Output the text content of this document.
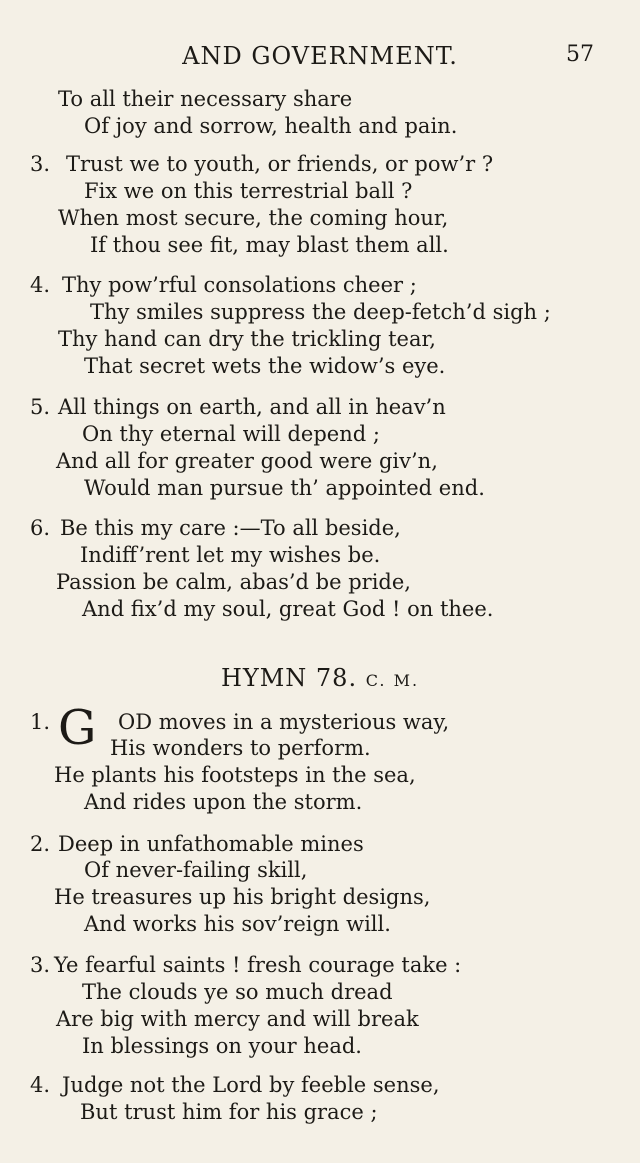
AND GOVERNMENT.	57
To all their necessary share
Of joy and sorrow, health and pain.
3. Trust we to youth, or friends, or pow’r ?
Fix we on this terrestrial ball ?
When most secure, the coming hour,
If thou see fit, may blast them all.
4. Thy pow’rful consolations cheer ;
Thy smiles suppress the deep-fetch’d sigh ;
Thy hand can dry the trickling tear,
That secret wets the widow’s eye.
5. All things on earth, and all in heav’n
On thy eternal will depend ;
And all for greater good were giv’n,
Would man pursue th’ appointed end.
6. Be this my care :—To all beside,
Indiff’rent let my wishes be.
Passion be calm, abas’d be pride,
And fix’d my soul, great God ! on thee.
HYMN 78. C. M.
1. G OD moves in a mysterious way,
His wonders to perform.
He plants his footsteps in the sea,
And rides upon the storm.
2. Deep in unfathomable mines
Of never-failing skill,
He treasures up his bright designs,
And works his sov’reign will.
3. Ye fearful saints ! fresh courage take :
The clouds ye so much dread
Are big with mercy and will break
In blessings on your head.
4. Judge not the Lord by feeble sense,
But trust him for his grace ;
